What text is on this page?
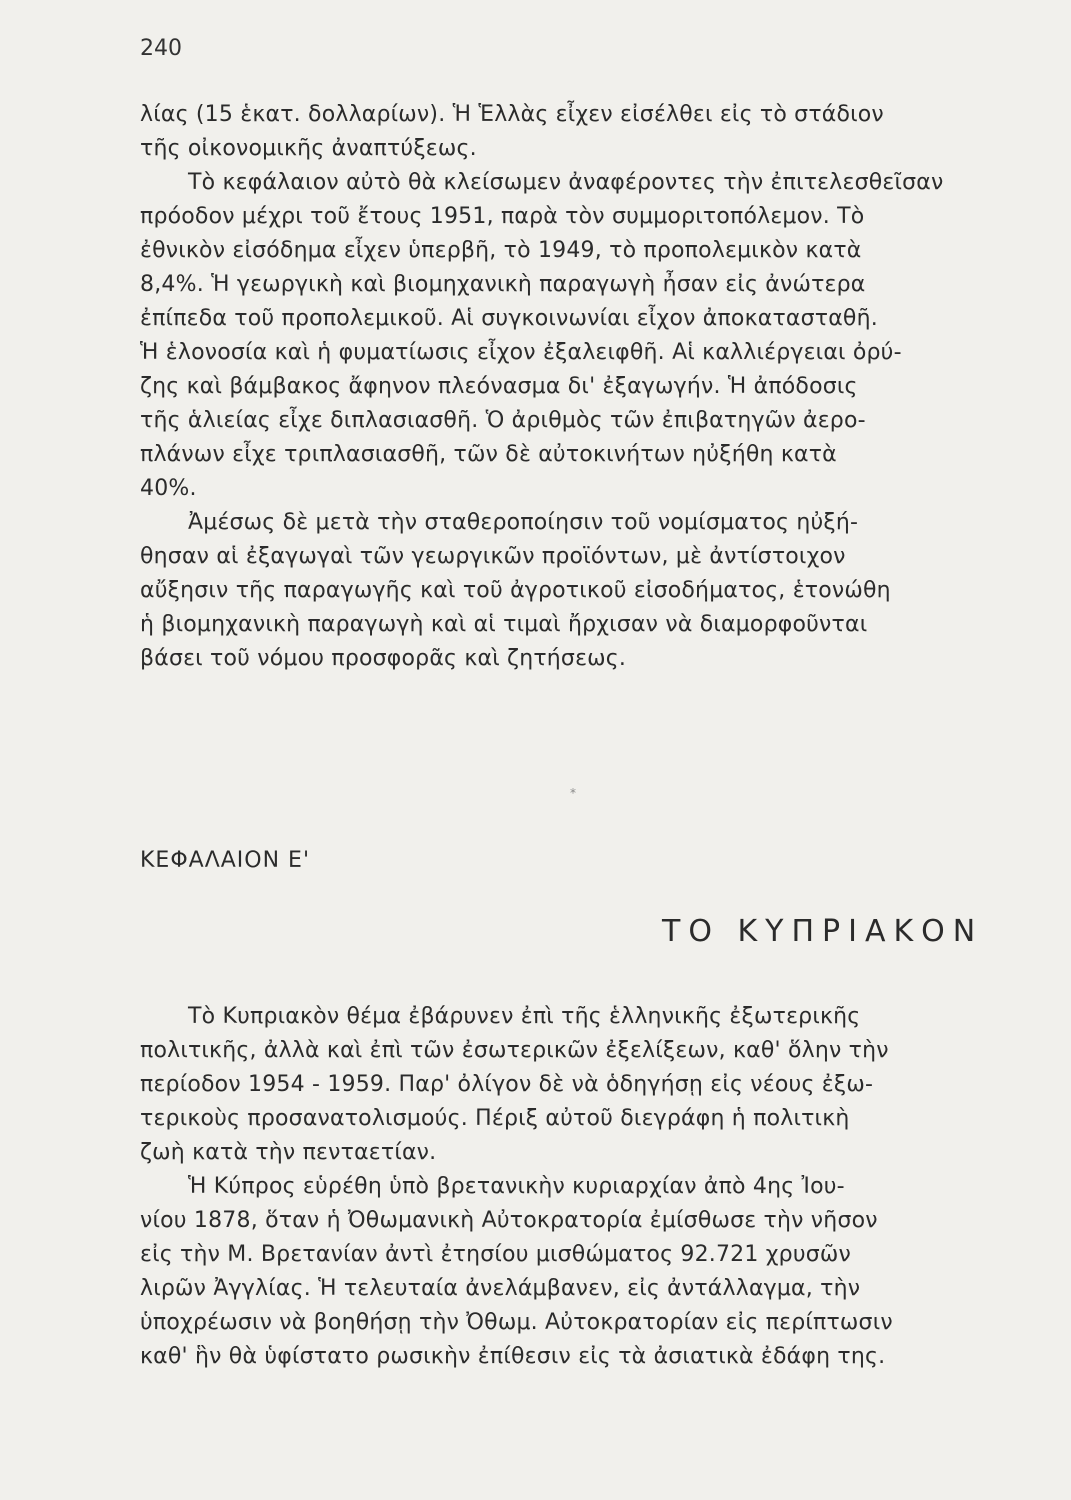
240
λίας (15 ἑκατ. δολλαρίων). Ἡ Ἑλλὰς εἶχεν εἰσέλθει εἰς τὸ στάδιον
τῆς οἰκονομικῆς ἀναπτύξεως.
Τὸ κεφάλαιον αὐτὸ θὰ κλείσωμεν ἀναφέροντες τὴν ἐπιτελεσθεῖσαν
πρόοδον μέχρι τοῦ ἔτους 1951, παρὰ τὸν συμμοριτοπόλεμον. Τὸ
ἐθνικὸν εἰσόδημα εἶχεν ὑπερβῆ, τὸ 1949, τὸ προπολεμικὸν κατὰ
8,4%. Ἡ γεωργικὴ καὶ βιομηχανικὴ παραγωγὴ ἦσαν εἰς ἀνώτερα
ἐπίπεδα τοῦ προπολεμικοῦ. Αἱ συγκοινωνίαι εἶχον ἀποκατασταθῆ.
Ἡ ἑλονοσία καὶ ἡ φυματίωσις εἶχον ἐξαλειφθῆ. Αἱ καλλιέργειαι ὀρύ-
ζης καὶ βάμβακος ἄφηνον πλεόνασμα δι' ἐξαγωγήν. Ἡ ἀπόδοσις
τῆς ἁλιείας εἶχε διπλασιασθῆ. Ὁ ἀριθμὸς τῶν ἐπιβατηγῶν ἀερο-
πλάνων εἶχε τριπλασιασθῆ, τῶν δὲ αὐτοκινήτων ηὐξήθη κατὰ
40%.
Ἀμέσως δὲ μετὰ τὴν σταθεροποίησιν τοῦ νομίσματος ηὐξή-
θησαν αἱ ἐξαγωγαὶ τῶν γεωργικῶν προϊόντων, μὲ ἀντίστοιχον
αὔξησιν τῆς παραγωγῆς καὶ τοῦ ἀγροτικοῦ εἰσοδήματος, ἑτονώθη
ἡ βιομηχανικὴ παραγωγὴ καὶ αἱ τιμαὶ ἤρχισαν νὰ διαμορφοῦνται
βάσει τοῦ νόμου προσφορᾶς καὶ ζητήσεως.
*
ΚΕΦΑΛΑΙΟΝ Ε'
ΤΟ ΚΥΠΡΙΑΚΟΝ
Τὸ Κυπριακὸν θέμα ἐβάρυνεν ἐπὶ τῆς ἑλληνικῆς ἐξωτερικῆς
πολιτικῆς, ἀλλὰ καὶ ἐπὶ τῶν ἐσωτερικῶν ἐξελίξεων, καθ' ὅλην τὴν
περίοδον 1954 - 1959. Παρ' ὀλίγον δὲ νὰ ὁδηγήσῃ εἰς νέους ἐξω-
τερικοὺς προσανατολισμούς. Πέριξ αὐτοῦ διεγράφη ἡ πολιτικὴ
ζωὴ κατὰ τὴν πενταετίαν.
Ἡ Κύπρος εὑρέθη ὑπὸ βρετανικὴν κυριαρχίαν ἀπὸ 4ης Ἰου-
νίου 1878, ὅταν ἡ Ὀθωμανικὴ Αὐτοκρατορία ἐμίσθωσε τὴν νῆσον
εἰς τὴν Μ. Βρετανίαν ἀντὶ ἐτησίου μισθώματος 92.721 χρυσῶν
λιρῶν Ἀγγλίας. Ἡ τελευταία ἀνελάμβανεν, εἰς ἀντάλλαγμα, τὴν
ὑποχρέωσιν νὰ βοηθήσῃ τὴν Ὀθωμ. Αὐτοκρατορίαν εἰς περίπτωσιν
καθ' ἣν θὰ ὑφίστατο ρωσικὴν ἐπίθεσιν εἰς τὰ ἀσιατικὰ ἐδάφη της.
